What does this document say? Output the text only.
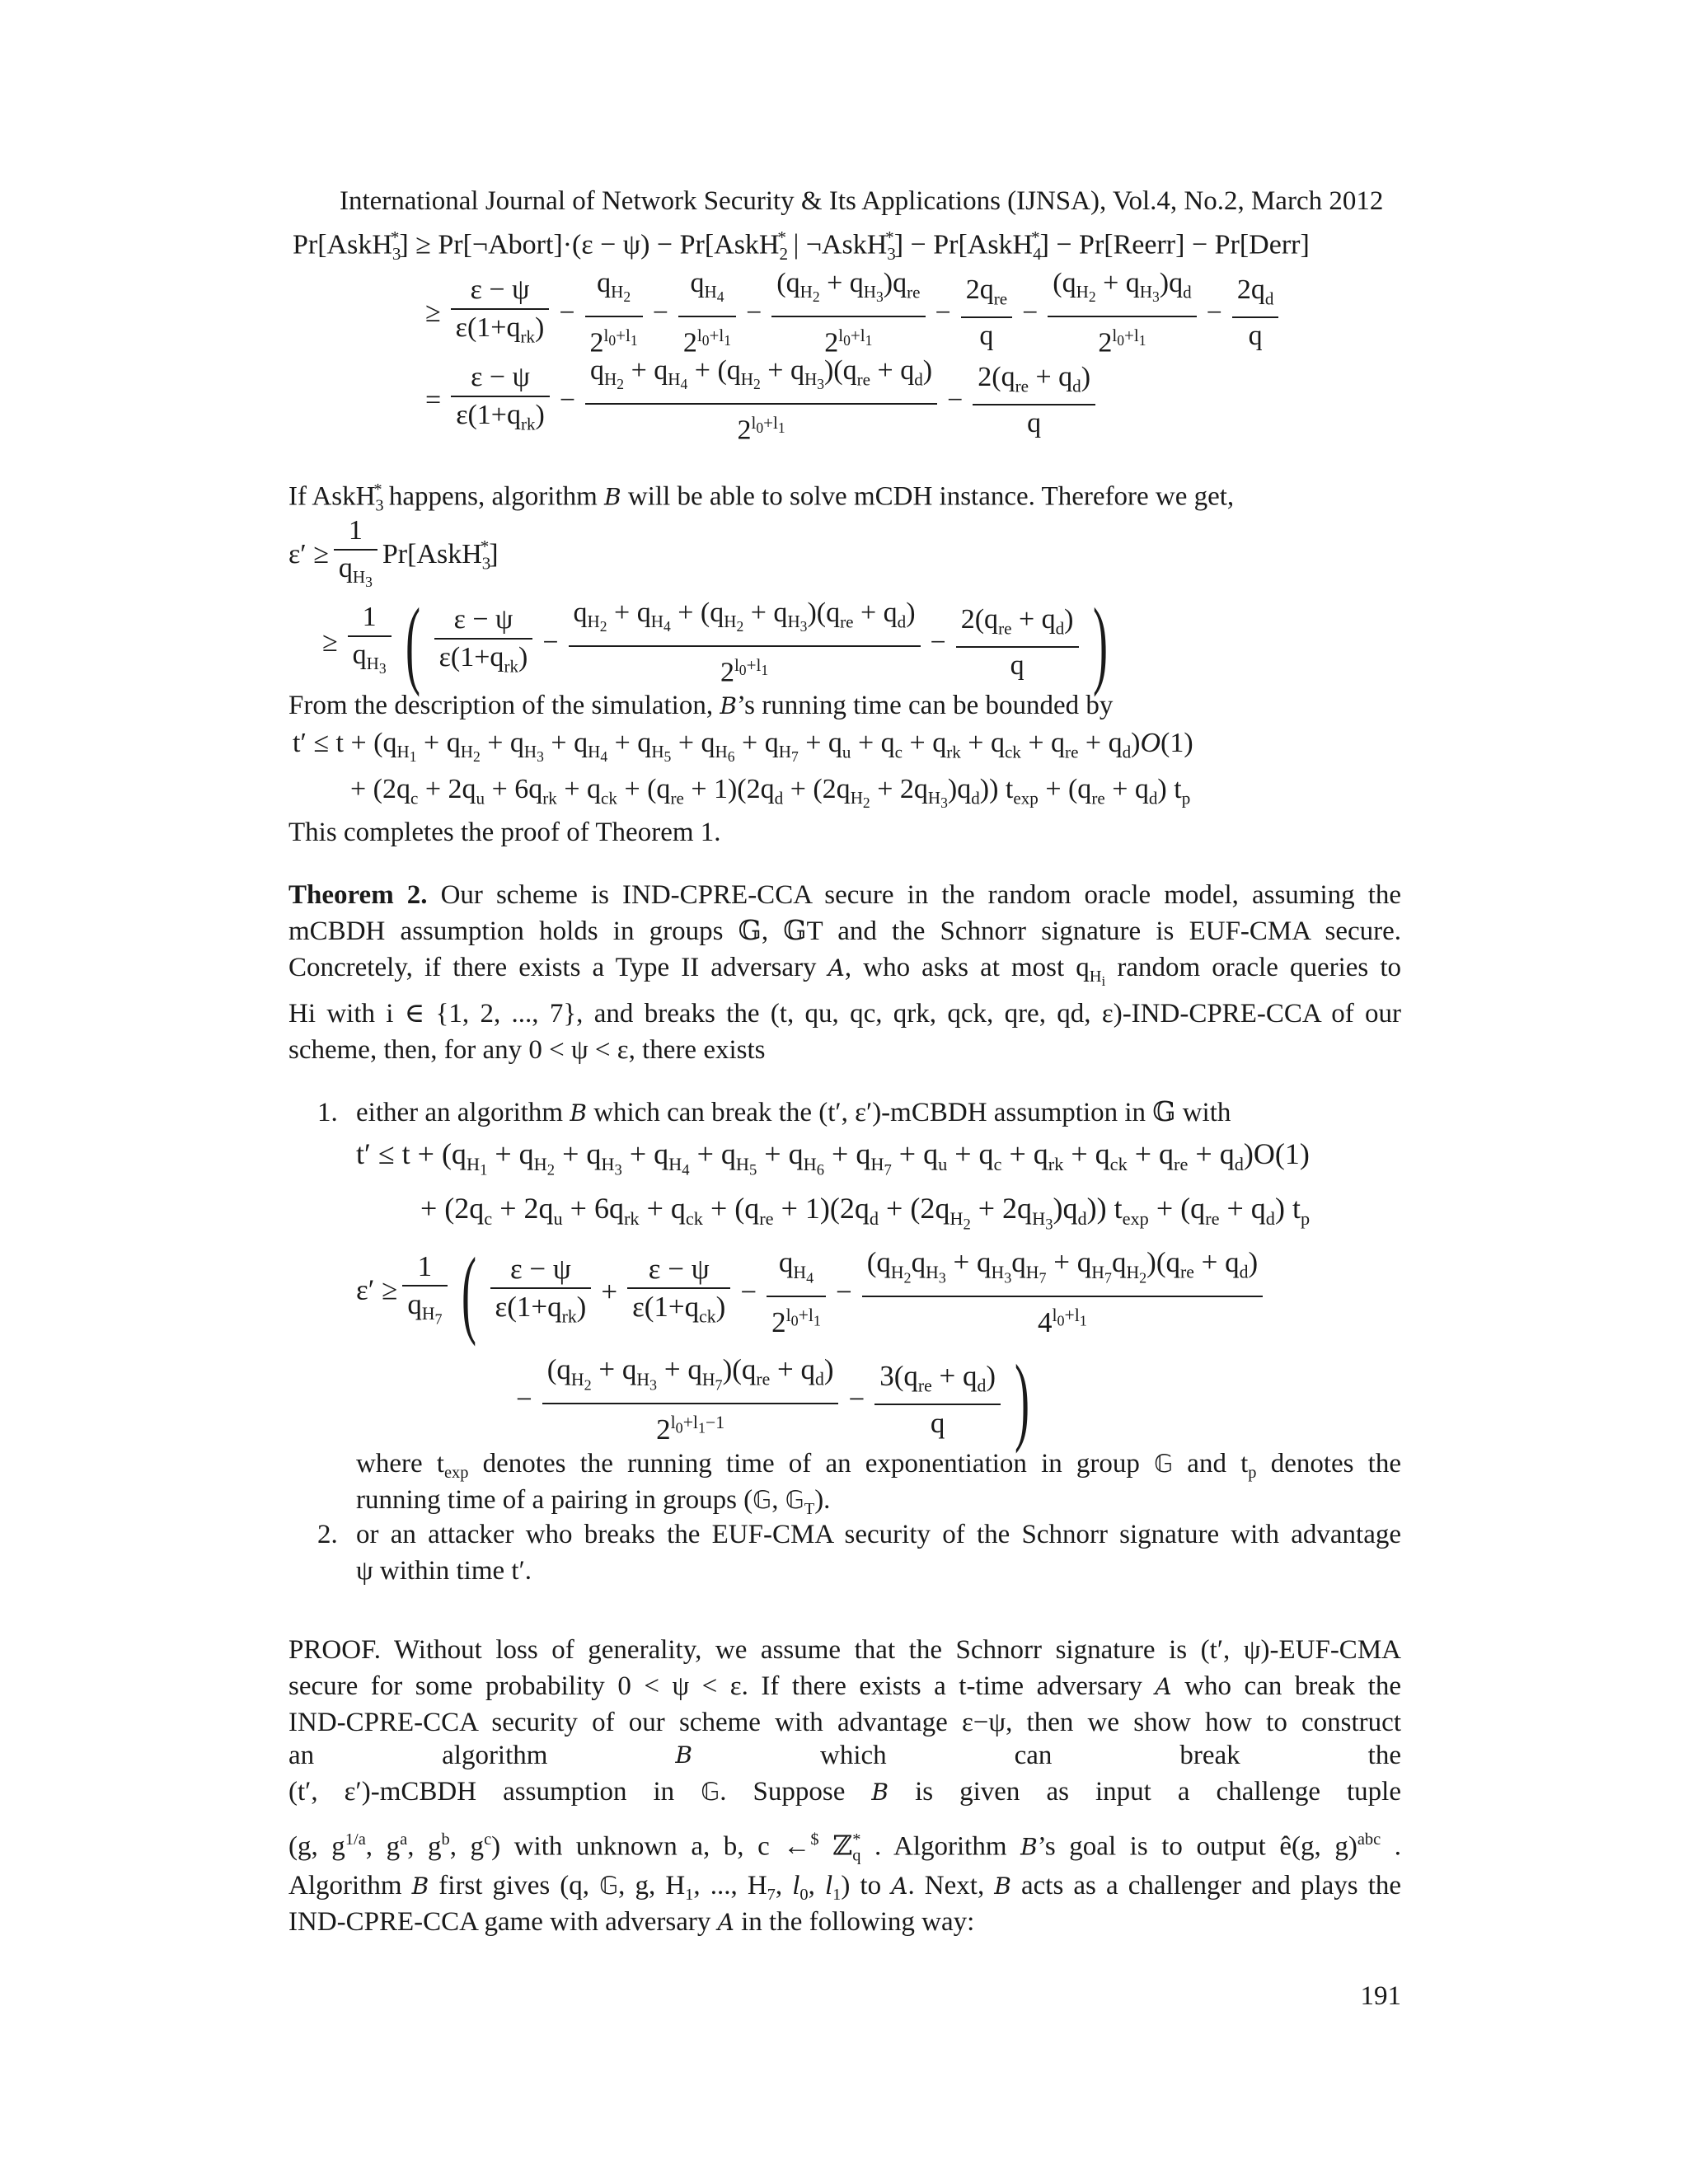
International Journal of Network Security & Its Applications (IJNSA), Vol.4, No.2, March 2012
Pr[AskH$_3$*] ≥ Pr[¬Abort]·(ε − ψ) − Pr[AskH$_2$* | ¬AskH$_3$*] − Pr[AskH$_4$*] − Pr[Reerr] − Pr[Derr]
≥ $\frac{\varepsilon - \psi}{\varepsilon(1+q_{rk})} - \frac{q_{H_2}}{2^{l_0+l_1}} - \frac{q_{H_4}}{2^{l_0+l_1}} - \frac{(q_{H_2} + q_{H_3})q_{re}}{2^{l_0+l_1}} - \frac{2q_{re}}{q} - \frac{(q_{H_2} + q_{H_3})q_d}{2^{l_0+l_1}} - \frac{2q_d}{q}$
= $\frac{\varepsilon - \psi}{\varepsilon(1+q_{rk})} - \frac{q_{H_2} + q_{H_4} + (q_{H_2} + q_{H_3})(q_{re} + q_d)}{2^{l_0+l_1}} - \frac{2(q_{re} + q_d)}{q}$
If AskH$_3$* happens, algorithm B will be able to solve mCDH instance. Therefore we get,
$\varepsilon' \ge \frac{1}{q_{H_3}}$ Pr[AskH$_3$*]
≥ $\frac{1}{q_{H_3}}$ ( $\frac{\varepsilon - \psi}{\varepsilon(1+q_{rk})} - \frac{q_{H_2} + q_{H_4} + (q_{H_2} + q_{H_3})(q_{re} + q_d)}{2^{l_0+l_1}} - \frac{2(q_{re} + q_d)}{q}$ )
From the description of the simulation, B’s running time can be bounded by
$t' \le t + (q_{H_1} + q_{H_2} + q_{H_3} + q_{H_4} + q_{H_5} + q_{H_6} + q_{H_7} + q_u + q_c + q_{rk} + q_{ck} + q_{re} + q_d)O(1)$
+ $(2q_c + 2q_u + 6q_{rk} + q_{ck} + (q_{re} + 1)(2q_d + (2q_{H_2} + 2q_{H_3})q_d)) t_{exp} + (q_{re} + q_d)$ $t_p$
This completes the proof of Theorem 1.
Theorem 2. Our scheme is IND-CPRE-CCA secure in the random oracle model, assuming the
mCBDH assumption holds in groups 𝔾, 𝔾T and the Schnorr signature is EUF-CMA secure.
Concretely, if there exists a Type II adversary A, who asks at most $q_{H_i}$ random oracle queries to
Hi with i ∈ {1, 2, ..., 7}, and breaks the (t, qu, qc, qrk, qck, qre, qd, ε)-IND-CPRE-CCA of our
scheme, then, for any 0 < ψ < ε, there exists
1. either an algorithm B which can break the (t′, ε′)-mCBDH assumption in 𝔾 with
$t' \le t + (q_{H_1} + q_{H_2} + q_{H_3} + q_{H_4} + q_{H_5} + q_{H_6} + q_{H_7} + q_u + q_c + q_{rk} + q_{ck} + q_{re} + q_d)O(1)$
+ $(2q_c + 2q_u + 6q_{rk} + q_{ck} + (q_{re} + 1)(2q_d + (2q_{H_2} + 2q_{H_3})q_d)) t_{exp} + (q_{re} + q_d)$ $t_p$
$\varepsilon' \ge \frac{1}{q_{H_7}}$ ( $\frac{\varepsilon - \psi}{\varepsilon(1+q_{rk})} + \frac{\varepsilon - \psi}{\varepsilon(1+q_{ck})} - \frac{q_{H_4}}{2^{l_0+l_1}} - \frac{(q_{H_2}q_{H_3} + q_{H_3}q_{H_7} + q_{H_7}q_{H_2})(q_{re} + q_d)}{4^{l_0+l_1}}$
− $\frac{(q_{H_2} + q_{H_3} + q_{H_7})(q_{re} + q_d)}{2^{l_0+l_1-1}} - \frac{3(q_{re} + q_d)}{q}$ )
where $t_{exp}$ denotes the running time of an exponentiation in group 𝔾 and $t_p$ denotes the
running time of a pairing in groups (𝔾, 𝔾$_T$).
2. or an attacker who breaks the EUF-CMA security of the Schnorr signature with advantage
ψ within time t′.
PROOF. Without loss of generality, we assume that the Schnorr signature is (t′, ψ)-EUF-CMA
secure for some probability 0 < ψ < ε. If there exists a t-time adversary A who can break the
IND-CPRE-CCA security of our scheme with advantage ε−ψ, then we show how to construct
an	algorithm	B	which	can	break	the
(t′, ε′)-mCBDH assumption in 𝔾. Suppose B is given as input a challenge tuple
(g, $g^{1/a}$, $g^a$, $g^b$, $g^c$) with unknown a, b, c ←$ ℤ$_q$* . Algorithm B’s goal is to output ê(g, g)$^{abc}$ .
Algorithm B first gives (q, 𝔾, g, $H_1$, ..., $H_7$, $l_0$, $l_1$) to A. Next, B acts as a challenger and plays the
IND-CPRE-CCA game with adversary A in the following way:
191
